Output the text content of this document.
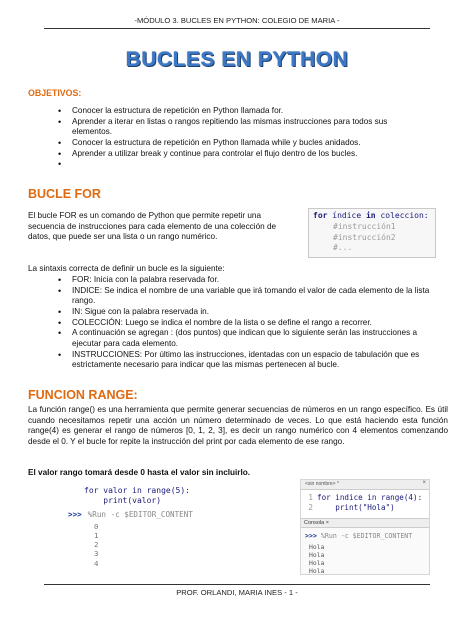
-MÓDULO 3. BUCLES EN PYTHON: COLEGIO DE MARIA -
BUCLES EN PYTHON
OBJETIVOS:
• Conocer la estructura de repetición en Python llamada for.
• Aprender a iterar en listas o rangos repitiendo las mismas instrucciones para todos sus elementos.
• Conocer la estructura de repetición en Python llamada while y bucles anidados.
• Aprender a utilizar break y continue para controlar el flujo dentro de los bucles.
•
BUCLE FOR
El bucle FOR es un comando de Python que permite repetir una secuencia de instrucciones para cada elemento de una colección de datos, que puede ser una lista o un rango numérico.
for índice in coleccion:
#instrucción1
#instrucción2
#...
La sintaxis correcta de definir un bucle es la siguiente:
• FOR: Inicia con la palabra reservada for.
• INDICE: Se indica el nombre de una variable que irá tomando el valor de cada elemento de la lista rango.
• IN: Sigue con la palabra reservada in.
• COLECCIÓN: Luego se indica el nombre de la lista o se define el rango a recorrer.
• A continuación se agregan : (dos puntos) que indican que lo siguiente serán las instrucciones a ejecutar para cada elemento.
• INSTRUCCIONES: Por último las instrucciones, identadas con un espacio de tabulación que es estrictamente necesario para indicar que las mismas pertenecen al bucle.
FUNCION RANGE:
La función range() es una herramienta que permite generar secuencias de números en un rango específico. Es útil cuando necesitamos repetir una acción un número determinado de veces. Lo que está haciendo esta función range(4) es generar el rango de números [0, 1, 2, 3], es decir un rango numérico con 4 elementos comenzando desde el 0. Y el bucle for repite la instrucción del print por cada elemento de ese rango.
El valor rango tomará desde 0 hasta el valor sin incluirlo.
for valor in range(5):
print(valor)
>>> %Run -c $EDITOR_CONTENT
0
1
2
3
4
<sin nombre> *	×
1
2
for indice in range(4):
print("Hola")
Consola ×
>>> %Run -c $EDITOR_CONTENT
Hola
Hola
Hola
Hola
PROF. ORLANDI, MARIA INES - 1 -
